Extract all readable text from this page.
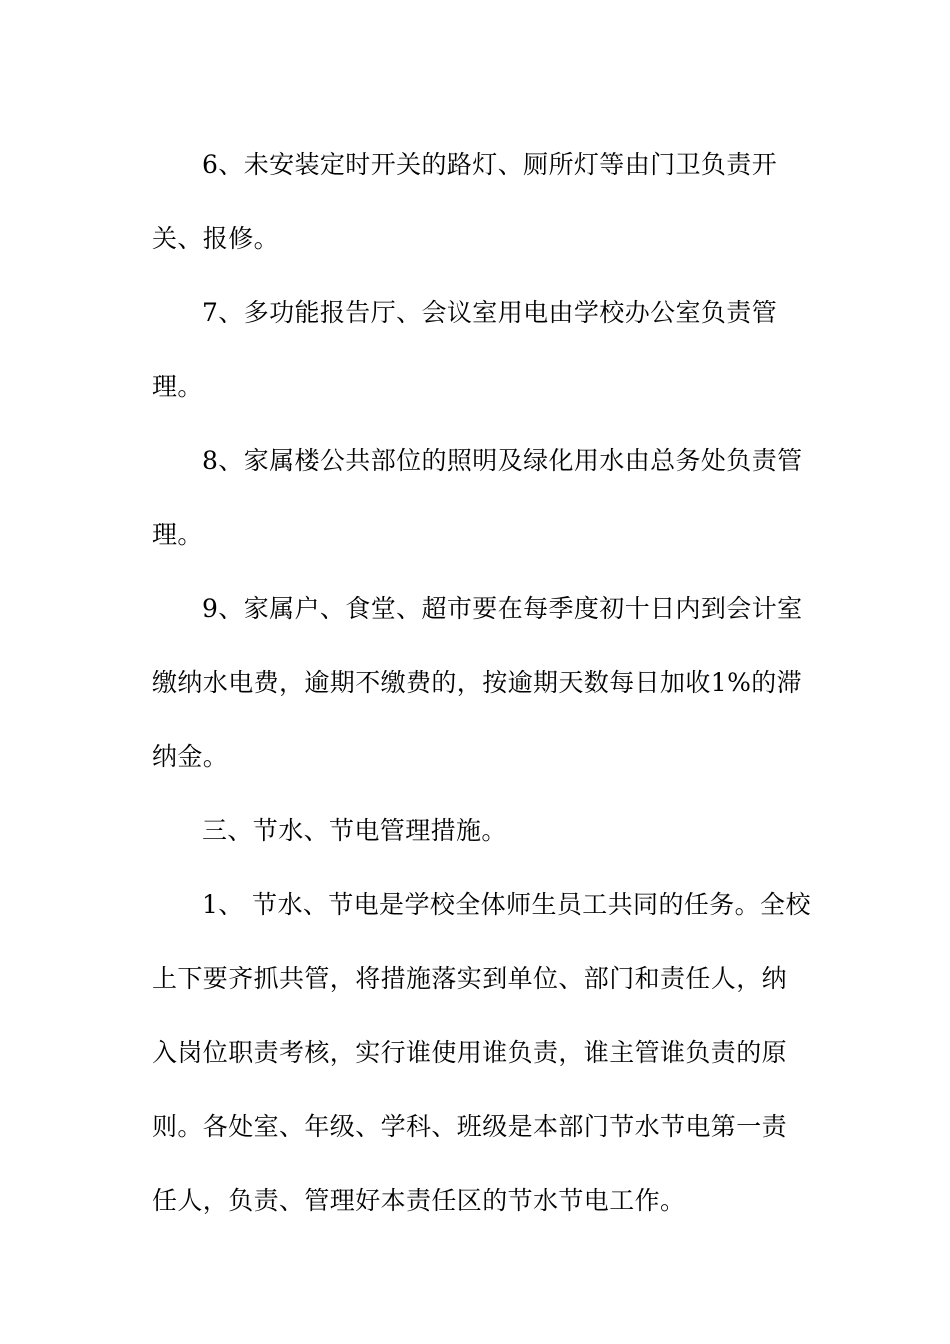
6、未安装定时开关的路灯、厕所灯等由门卫负责开关、报修。

7、多功能报告厅、会议室用电由学校办公室负责管理。

8、家属楼公共部位的照明及绿化用水由总务处负责管理。

9、家属户、食堂、超市要在每季度初十日内到会计室缴纳水电费，逾期不缴费的，按逾期天数每日加收1%的滞纳金。

三、节水、节电管理措施。

1、 节水、节电是学校全体师生员工共同的任务。全校上下要齐抓共管，将措施落实到单位、部门和责任人，纳入岗位职责考核，实行谁使用谁负责，谁主管谁负责的原则。各处室、年级、学科、班级是本部门节水节电第一责任人，负责、管理好本责任区的节水节电工作。
